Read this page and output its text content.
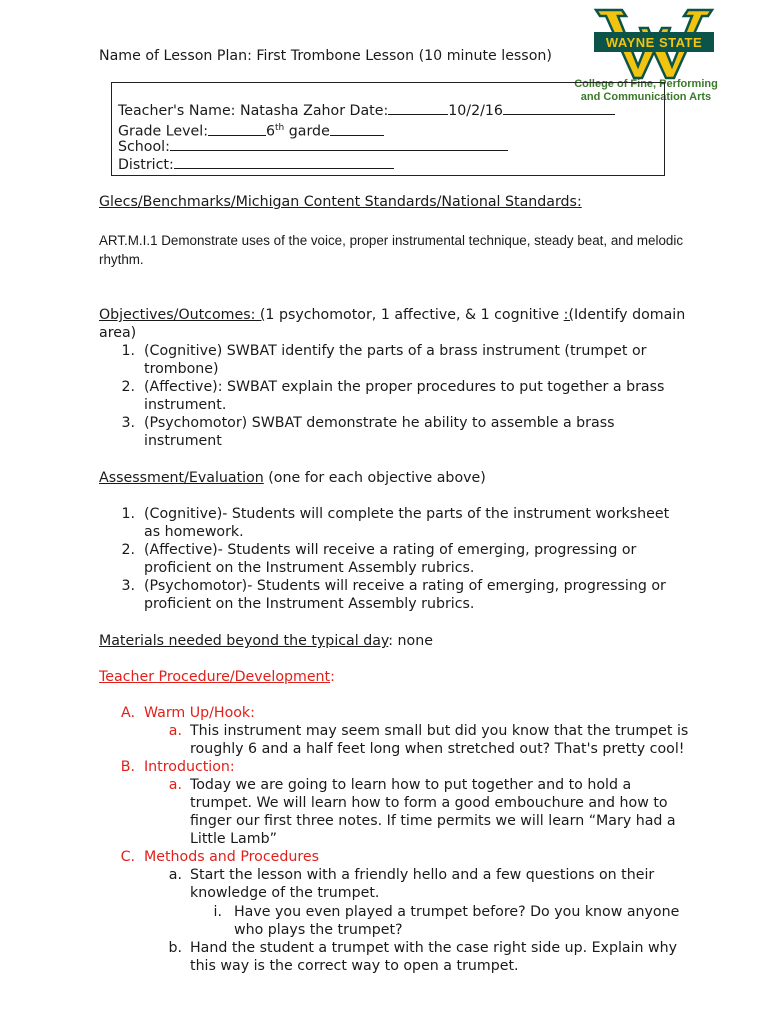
WAYNE STATE
College of Fine, Performing
and Communication Arts
Name of Lesson Plan: First Trombone Lesson (10 minute lesson)
Teacher's Name: Natasha Zahor Date:	10/2/16
Grade Level:	6th garde
School:
District:
Glecs/Benchmarks/Michigan Content Standards/National Standards:
ART.M.I.1 Demonstrate uses of the voice, proper instrumental technique, steady beat, and melodic
rhythm.
Objectives/Outcomes: (1 psychomotor, 1 affective, & 1 cognitive :(Identify domain
area)
1. (Cognitive) SWBAT identify the parts of a brass instrument (trumpet or
trombone)
2. (Affective): SWBAT explain the proper procedures to put together a brass
instrument.
3. (Psychomotor) SWBAT demonstrate he ability to assemble a brass
instrument
Assessment/Evaluation (one for each objective above)
1. (Cognitive)- Students will complete the parts of the instrument worksheet
as homework.
2. (Affective)- Students will receive a rating of emerging, progressing or
proficient on the Instrument Assembly rubrics.
3. (Psychomotor)- Students will receive a rating of emerging, progressing or
proficient on the Instrument Assembly rubrics.
Materials needed beyond the typical day: none
Teacher Procedure/Development:
A. Warm Up/Hook:
a. This instrument may seem small but did you know that the trumpet is
roughly 6 and a half feet long when stretched out? That's pretty cool!
B. Introduction:
a. Today we are going to learn how to put together and to hold a
trumpet. We will learn how to form a good embouchure and how to
finger our first three notes. If time permits we will learn “Mary had a
Little Lamb”
C. Methods and Procedures
a. Start the lesson with a friendly hello and a few questions on their
knowledge of the trumpet.
i. Have you even played a trumpet before? Do you know anyone
who plays the trumpet?
b. Hand the student a trumpet with the case right side up. Explain why
this way is the correct way to open a trumpet.
